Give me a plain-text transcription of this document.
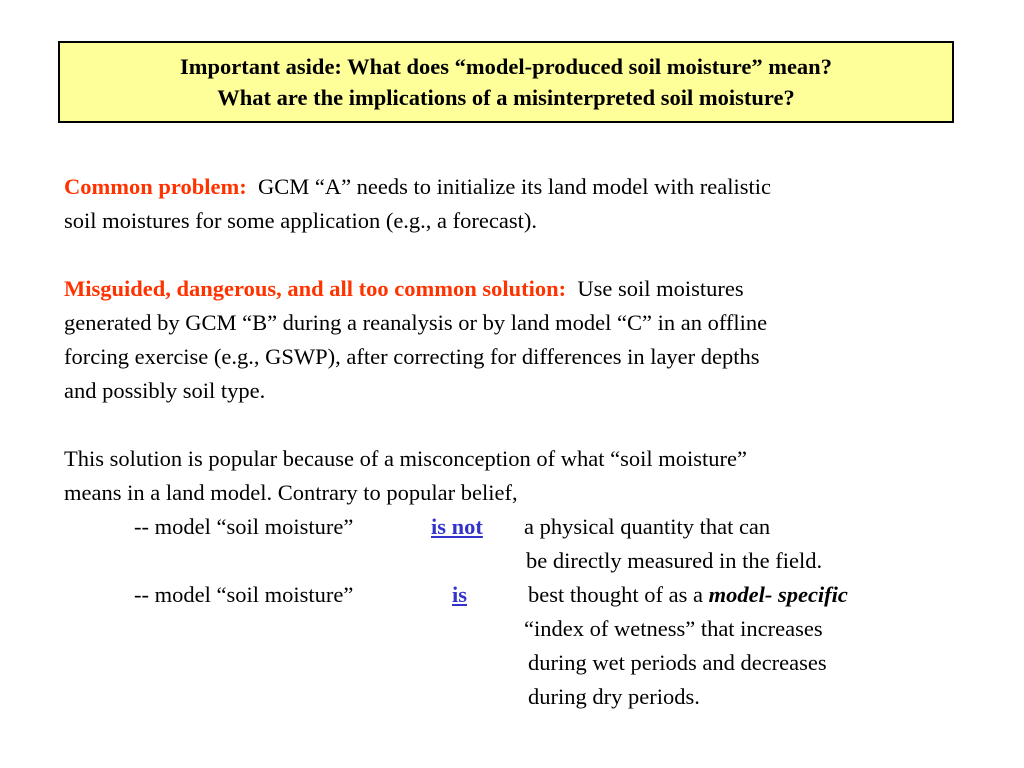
Important aside: What does “model-produced soil moisture” mean?
What are the implications of a misinterpreted soil moisture?
Common problem: GCM “A” needs to initialize its land model with realistic
soil moistures for some application (e.g., a forecast).
Misguided, dangerous, and all too common solution: Use soil moistures
generated by GCM “B” during a reanalysis or by land model “C” in an offline
forcing exercise (e.g., GSWP), after correcting for differences in layer depths
and possibly soil type.
This solution is popular because of a misconception of what “soil moisture”
means in a land model. Contrary to popular belief,
-- model “soil moisture”	is not a physical quantity that can
be directly measured in the field.
-- model “soil moisture”	is	best thought of as a model- specific
“index of wetness” that increases
during wet periods and decreases
during dry periods.
